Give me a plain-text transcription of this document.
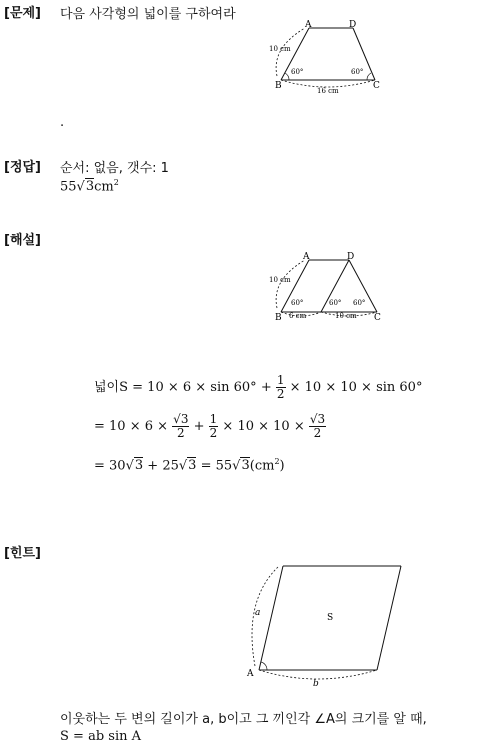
[문제] 다음 사각형의 넓이를 구하여라
A	D
B	C
10 cm
16 cm
60°	60°
.
[정답] 순서: 없음, 갯수: 1
$55√3cm^2$
[해설]
A	D
B	C
10 cm
6 cm	10 cm
60°	60° 60°
넓이$S = 10 \times 6 \times \sin 60^\circ + \frac{1}{2} \times 10 \times 10 \times \sin 60^\circ$
= $10 \times 6 \times \frac{√3}{2} + \frac{1}{2} \times 10 \times 10 \times \frac{√3}{2}$
= $30√3 + 25√3 = 55√3(cm^2)$
[힌트]
A
S
a
b
이웃하는 두 변의 길이가 a, b이고 그 끼인각 ∠A의 크기를 알 때,
S = ab sin A
